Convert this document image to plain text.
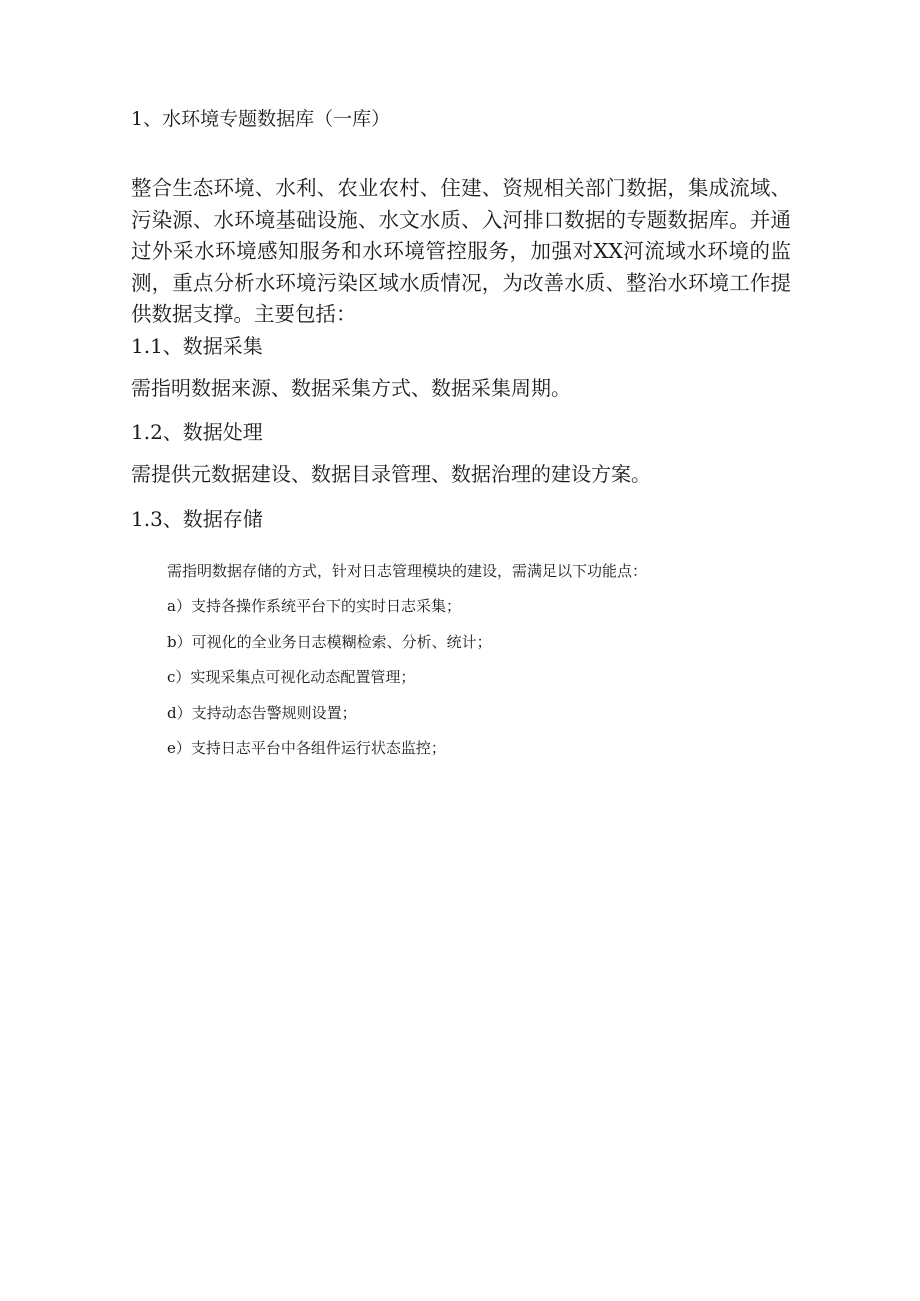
1、水环境专题数据库（一库）

整合生态环境、水利、农业农村、住建、资规相关部门数据，集成流域、污染源、水环境基础设施、水文水质、入河排口数据的专题数据库。并通过外采水环境感知服务和水环境管控服务，加强对XX河流域水环境的监测，重点分析水环境污染区域水质情况，为改善水质、整治水环境工作提供数据支撑。主要包括：

1.1、数据采集

需指明数据来源、数据采集方式、数据采集周期。

1.2、数据处理

需提供元数据建设、数据目录管理、数据治理的建设方案。

1.3、数据存储

需指明数据存储的方式，针对日志管理模块的建设，需满足以下功能点：

a）支持各操作系统平台下的实时日志采集；
b）可视化的全业务日志模糊检索、分析、统计；
c）实现采集点可视化动态配置管理；
d）支持动态告警规则设置；
e）支持日志平台中各组件运行状态监控；
